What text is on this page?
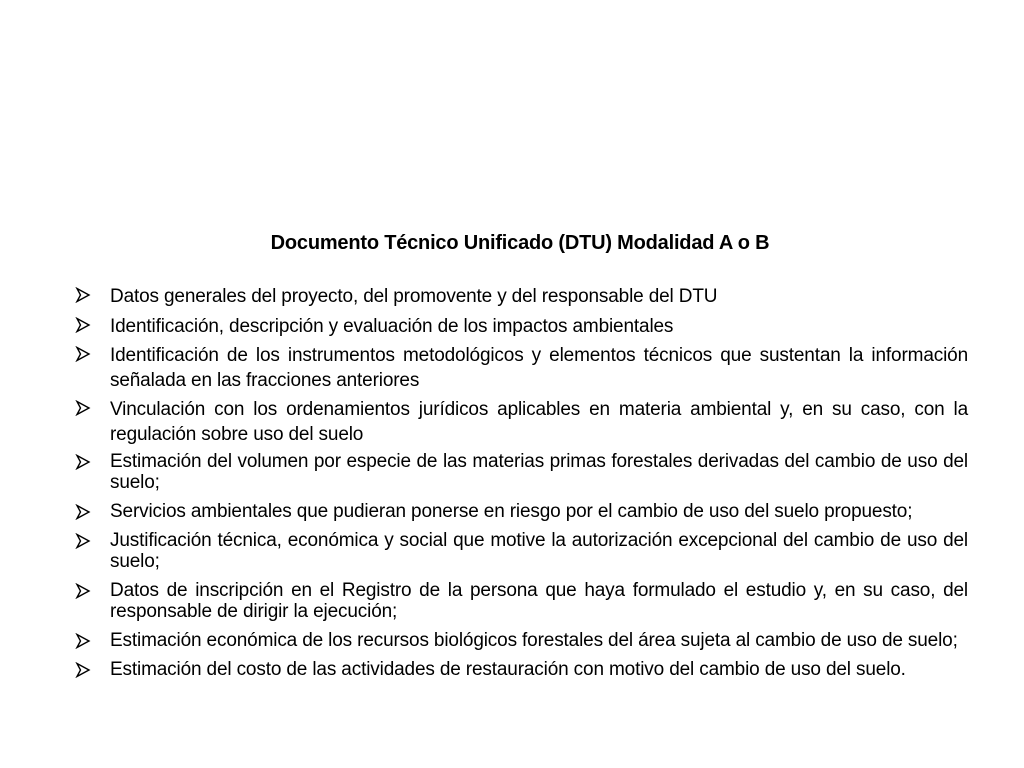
Documento Técnico Unificado (DTU) Modalidad A o B
Datos generales del proyecto, del promovente y del responsable del DTU
Identificación, descripción y evaluación de los impactos ambientales
Identificación de los instrumentos metodológicos y elementos técnicos que sustentan la información señalada en las fracciones anteriores
Vinculación con los ordenamientos jurídicos aplicables en materia ambiental y, en su caso, con la regulación sobre uso del suelo
Estimación del volumen por especie de las materias primas forestales derivadas del cambio de uso del suelo;
Servicios ambientales que pudieran ponerse en riesgo por el cambio de uso del suelo propuesto;
Justificación técnica, económica y social que motive la autorización excepcional del cambio de uso del suelo;
Datos de inscripción en el Registro de la persona que haya formulado el estudio y, en su caso, del responsable de dirigir la ejecución;
Estimación económica de los recursos biológicos forestales del área sujeta al cambio de uso de suelo;
Estimación del costo de las actividades de restauración con motivo del cambio de uso del suelo.
